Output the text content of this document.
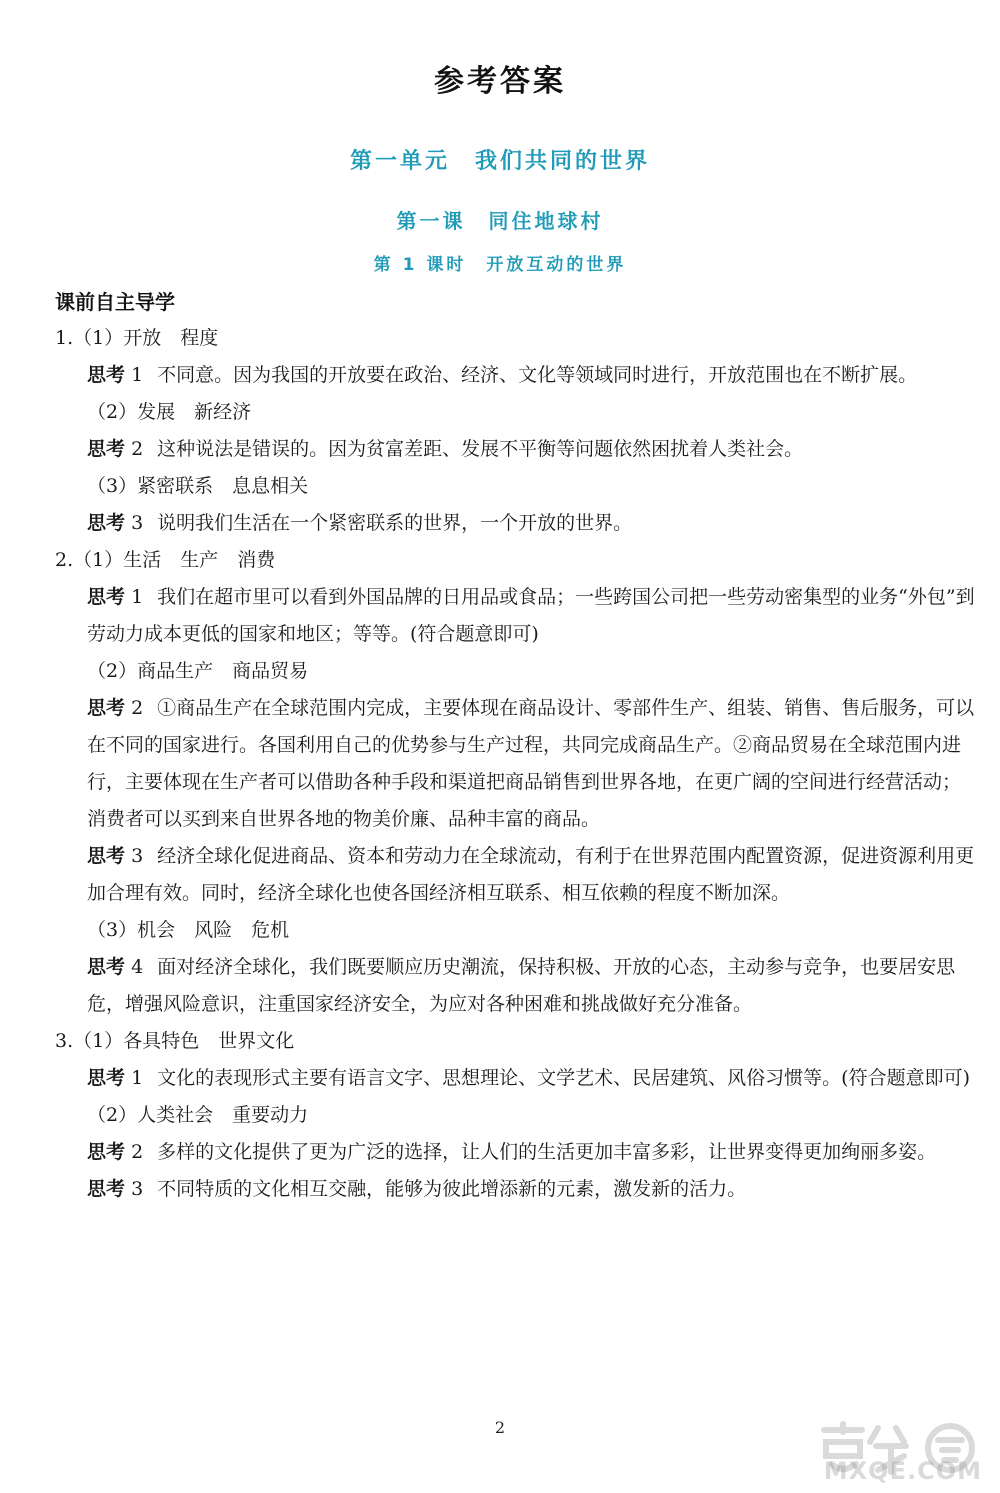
参考答案
第一单元　我们共同的世界
第一课　同住地球村
第 1 课时　开放互动的世界
课前自主导学

1.（1）开放　程度

思考 1 不同意。因为我国的开放要在政治、经济、文化等领域同时进行，开放范围也在不断扩展。

（2）发展　新经济

思考 2 这种说法是错误的。因为贫富差距、发展不平衡等问题依然困扰着人类社会。

（3）紧密联系　息息相关

思考 3 说明我们生活在一个紧密联系的世界，一个开放的世界。

2.（1）生活　生产　消费

思考 1 我们在超市里可以看到外国品牌的日用品或食品；一些跨国公司把一些劳动密集型的业务“外包”到劳动力成本更低的国家和地区；等等。(符合题意即可)

（2）商品生产　商品贸易

思考 2 ①商品生产在全球范围内完成，主要体现在商品设计、零部件生产、组装、销售、售后服务，可以在不同的国家进行。各国利用自己的优势参与生产过程，共同完成商品生产。②商品贸易在全球范围内进行，主要体现在生产者可以借助各种手段和渠道把商品销售到世界各地，在更广阔的空间进行经营活动；消费者可以买到来自世界各地的物美价廉、品种丰富的商品。

思考 3 经济全球化促进商品、资本和劳动力在全球流动，有利于在世界范围内配置资源，促进资源利用更加合理有效。同时，经济全球化也使各国经济相互联系、相互依赖的程度不断加深。

（3）机会　风险　危机

思考 4 面对经济全球化，我们既要顺应历史潮流，保持积极、开放的心态，主动参与竞争，也要居安思危，增强风险意识，注重国家经济安全，为应对各种困难和挑战做好充分准备。

3.（1）各具特色　世界文化

思考 1 文化的表现形式主要有语言文字、思想理论、文学艺术、民居建筑、风俗习惯等。(符合题意即可)

（2）人类社会　重要动力

思考 2 多样的文化提供了更为广泛的选择，让人们的生活更加丰富多彩，让世界变得更加绚丽多姿。

思考 3 不同特质的文化相互交融，能够为彼此增添新的元素，激发新的活力。

2
MXQE.COM
